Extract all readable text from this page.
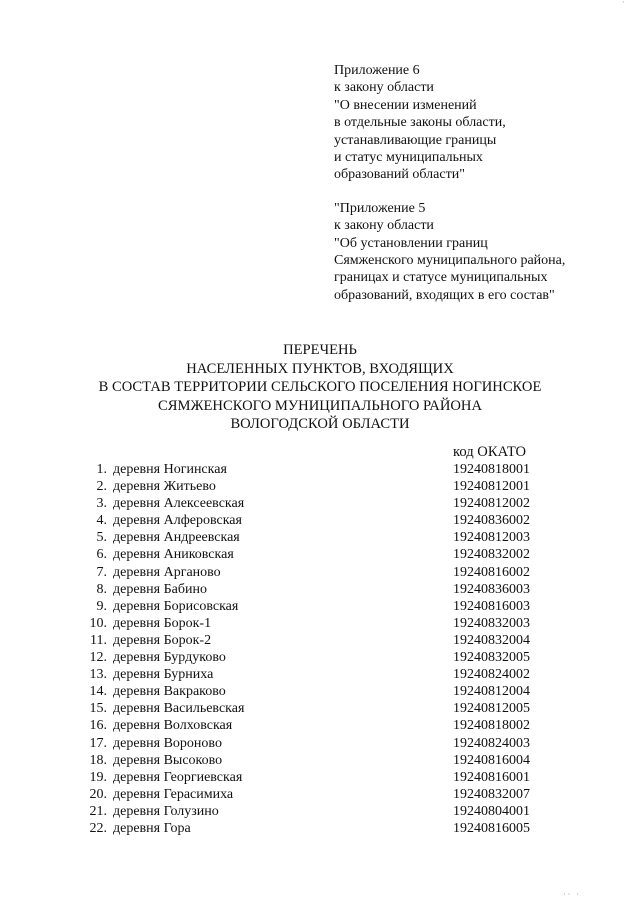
·
Приложение 6
к закону области
"О внесении изменений
в отдельные законы области,
устанавливающие границы
и статус муниципальных
образований области"
"Приложение 5
к закону области
"Об установлении границ
Сямженского муниципального района,
границах и статусе муниципальных
образований, входящих в его состав"
ПЕРЕЧЕНЬ
НАСЕЛЕННЫХ ПУНКТОВ, ВХОДЯЩИХ
В СОСТАВ ТЕРРИТОРИИ СЕЛЬСКОГО ПОСЕЛЕНИЯ НОГИНСКОЕ
СЯМЖЕНСКОГО МУНИЦИПАЛЬНОГО РАЙОНА
ВОЛОГОДСКОЙ ОБЛАСТИ
код ОКАТО
1. деревня Ногинская	19240818001
2. деревня Житьево	19240812001
3. деревня Алексеевская	19240812002
4. деревня Алферовская	19240836002
5. деревня Андреевская	19240812003
6. деревня Аниковская	19240832002
7. деревня Арганово	19240816002
8. деревня Бабино	19240836003
9. деревня Борисовская	19240816003
10. деревня Борок-1	19240832003
11. деревня Борок-2	19240832004
12. деревня Бурдуково	19240832005
13. деревня Бурниха	19240824002
14. деревня Вакраково	19240812004
15. деревня Васильевская	19240812005
16. деревня Волховская	19240818002
17. деревня Вороново	19240824003
18. деревня Высоково	19240816004
19. деревня Георгиевская	19240816001
20. деревня Герасимиха	19240832007
21. деревня Голузино	19240804001
22. деревня Гора	19240816005
·· ·
